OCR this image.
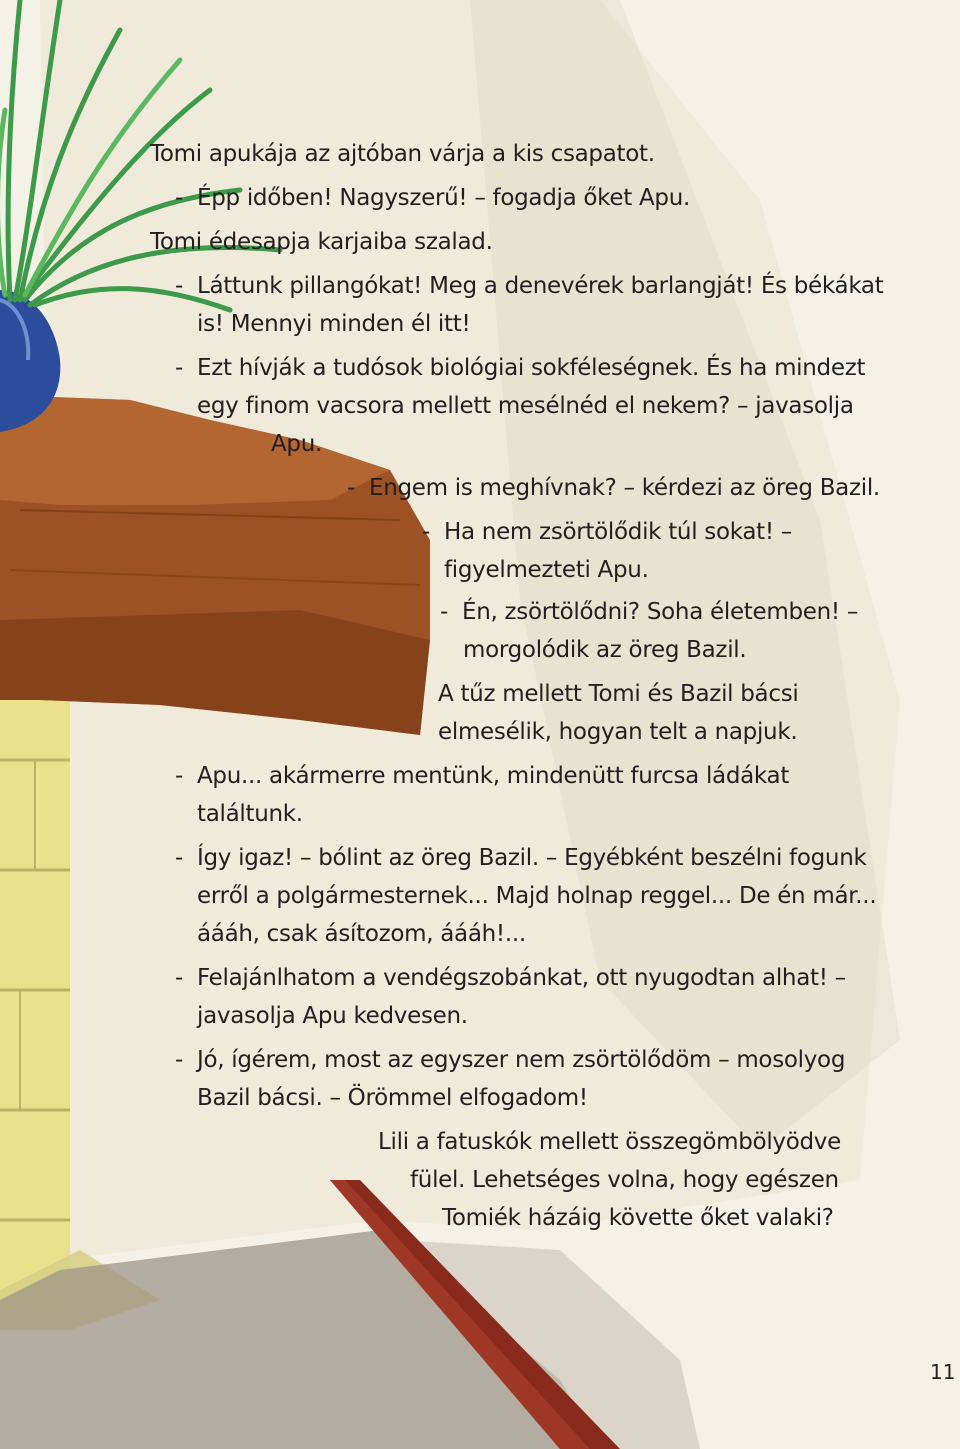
Tomi apukája az ajtóban várja a kis csapatot.
- Épp időben! Nagyszerű! – fogadja őket Apu.
Tomi édesapja karjaiba szalad.
- Láttunk pillangókat! Meg a denevérek barlangját! És békákat
is! Mennyi minden él itt!
- Ezt hívják a tudósok biológiai sokféleségnek. És ha mindezt
egy finom vacsora mellett mesélnéd el nekem? – javasolja
Apu.
- Engem is meghívnak? – kérdezi az öreg Bazil.
- Ha nem zsörtölődik túl sokat! –
figyelmezteti Apu.
- Én, zsörtölődni? Soha életemben! –
morgolódik az öreg Bazil.
A tűz mellett Tomi és Bazil bácsi
elmesélik, hogyan telt a napjuk.
- Apu... akármerre mentünk, mindenütt furcsa ládákat
találtunk.
- Így igaz! – bólint az öreg Bazil. – Egyébként beszélni fogunk
erről a polgármesternek... Majd holnap reggel... De én már...
áááh, csak ásítozom, áááh!...
- Felajánlhatom a vendégszobánkat, ott nyugodtan alhat! –
javasolja Apu kedvesen.
- Jó, ígérem, most az egyszer nem zsörtölődöm – mosolyog
Bazil bácsi. – Örömmel elfogadom!
Lili a fatuskók mellett összegömbölyödve
fülel. Lehetséges volna, hogy egészen
Tomiék házáig követte őket valaki?
11
